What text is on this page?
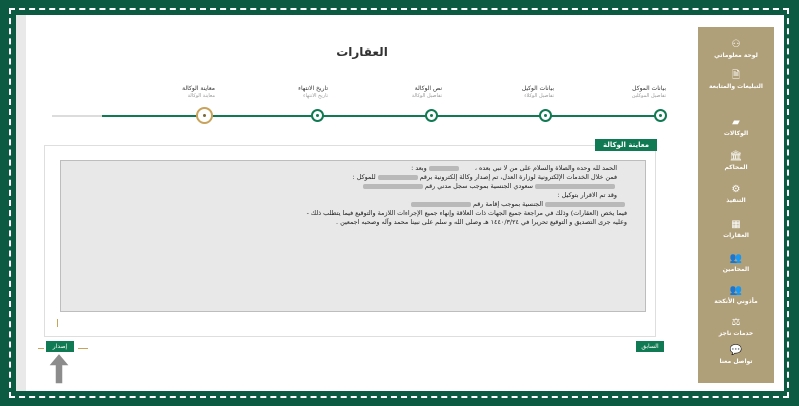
⚇
لوحة معلوماتي
🗎
التبليغات والمتابعة
▰
الوكالات
🏛
المحاكم
⚙
التنفيذ
▦
العقارات
👥
المحامين
👥
مأذوني الأنكحة
⚖
خدمات ناجز
💬
تواصل معنا
العقارات
بيانات الموكل
تفاصيل الموكلين
بيانات الوكيل
تفاصيل الوكلاء
نص الوكالة
تفاصيل الوكالة
تاريخ الانتهاء
تاريخ الانتهاء
معاينة الوكالة
معاينة الوكالة
معاينة الوكالة

الحمد لله وحده والصلاة والسلام على من لا نبي بعده ،       وبعد :

فمن خلال الخدمات الإلكترونية لوزارة العدل، تم إصدار وكالة إلكترونية برقمللموكل :

سعودي الجنسية بموجب سجل مدني رقم

وقد تم الاقرار بتوكيل :

الجنسية بموجب إقامة رقم

فيما يخص (العقارات) وذلك في مراجعة جميع الجهات ذات العلاقة وإنهاء جميع الإجراءات اللازمة والتوقيع فيما يتطلب ذلك -

وعليه جرى التصديق و التوقيع تحريرا في ١٤٤٠/٣/٢٤ هـ وصلى الله و سلم على نبينا محمد وآله وصحبه اجمعين .

السابق
إصدار
